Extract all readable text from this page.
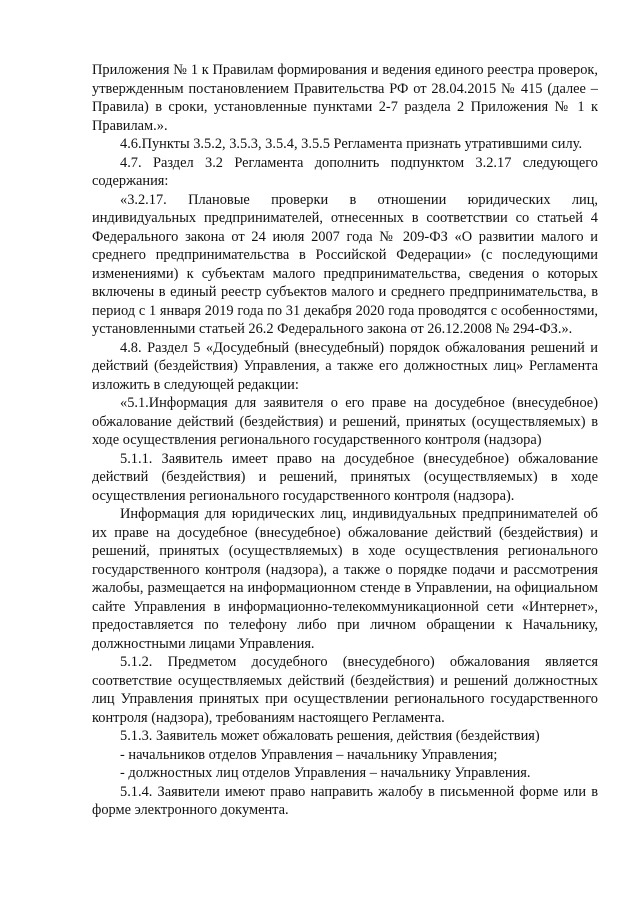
Приложения № 1 к Правилам формирования и ведения единого реестра проверок, утвержденным постановлением Правительства РФ от 28.04.2015 № 415 (далее – Правила) в сроки, установленные пунктами 2-7 раздела 2 Приложения № 1 к Правилам.».

4.6.Пункты 3.5.2, 3.5.3, 3.5.4, 3.5.5 Регламента признать утратившими силу.

4.7. Раздел 3.2 Регламента дополнить подпунктом 3.2.17 следующего содержания:

«3.2.17. Плановые проверки в отношении юридических лиц, индивидуальных предпринимателей, отнесенных в соответствии со статьей 4 Федерального закона от 24 июля 2007 года № 209-ФЗ «О развитии малого и среднего предпринимательства в Российской Федерации» (с последующими изменениями) к субъектам малого предпринимательства, сведения о которых включены в единый реестр субъектов малого и среднего предпринимательства, в период с 1 января 2019 года по 31 декабря 2020 года проводятся с особенностями, установленными статьей 26.2 Федерального закона от 26.12.2008 № 294-ФЗ.».

4.8. Раздел 5 «Досудебный (внесудебный) порядок обжалования решений и действий (бездействия) Управления, а также его должностных лиц» Регламента изложить в следующей редакции:

«5.1.Информация для заявителя о его праве на досудебное (внесудебное) обжалование действий (бездействия) и решений, принятых (осуществляемых) в ходе осуществления регионального государственного контроля (надзора)

5.1.1. Заявитель имеет право на досудебное (внесудебное) обжалование действий (бездействия) и решений, принятых (осуществляемых) в ходе осуществления регионального государственного контроля (надзора).

Информация для юридических лиц, индивидуальных предпринимателей об их праве на досудебное (внесудебное) обжалование действий (бездействия) и решений, принятых (осуществляемых) в ходе осуществления регионального государственного контроля (надзора), а также о порядке подачи и рассмотрения жалобы, размещается на информационном стенде в Управлении, на официальном сайте Управления в информационно-телекоммуникационной сети «Интернет», предоставляется по телефону либо при личном обращении к Начальнику, должностными лицами Управления.

5.1.2. Предметом досудебного (внесудебного) обжалования является соответствие осуществляемых действий (бездействия) и решений должностных лиц Управления принятых при осуществлении регионального государственного контроля (надзора), требованиям настоящего Регламента.

5.1.3. Заявитель может обжаловать решения, действия (бездействия)

- начальников отделов Управления – начальнику Управления;

- должностных лиц отделов Управления – начальнику Управления.

5.1.4. Заявители имеют право направить жалобу в письменной форме или в форме электронного документа.
